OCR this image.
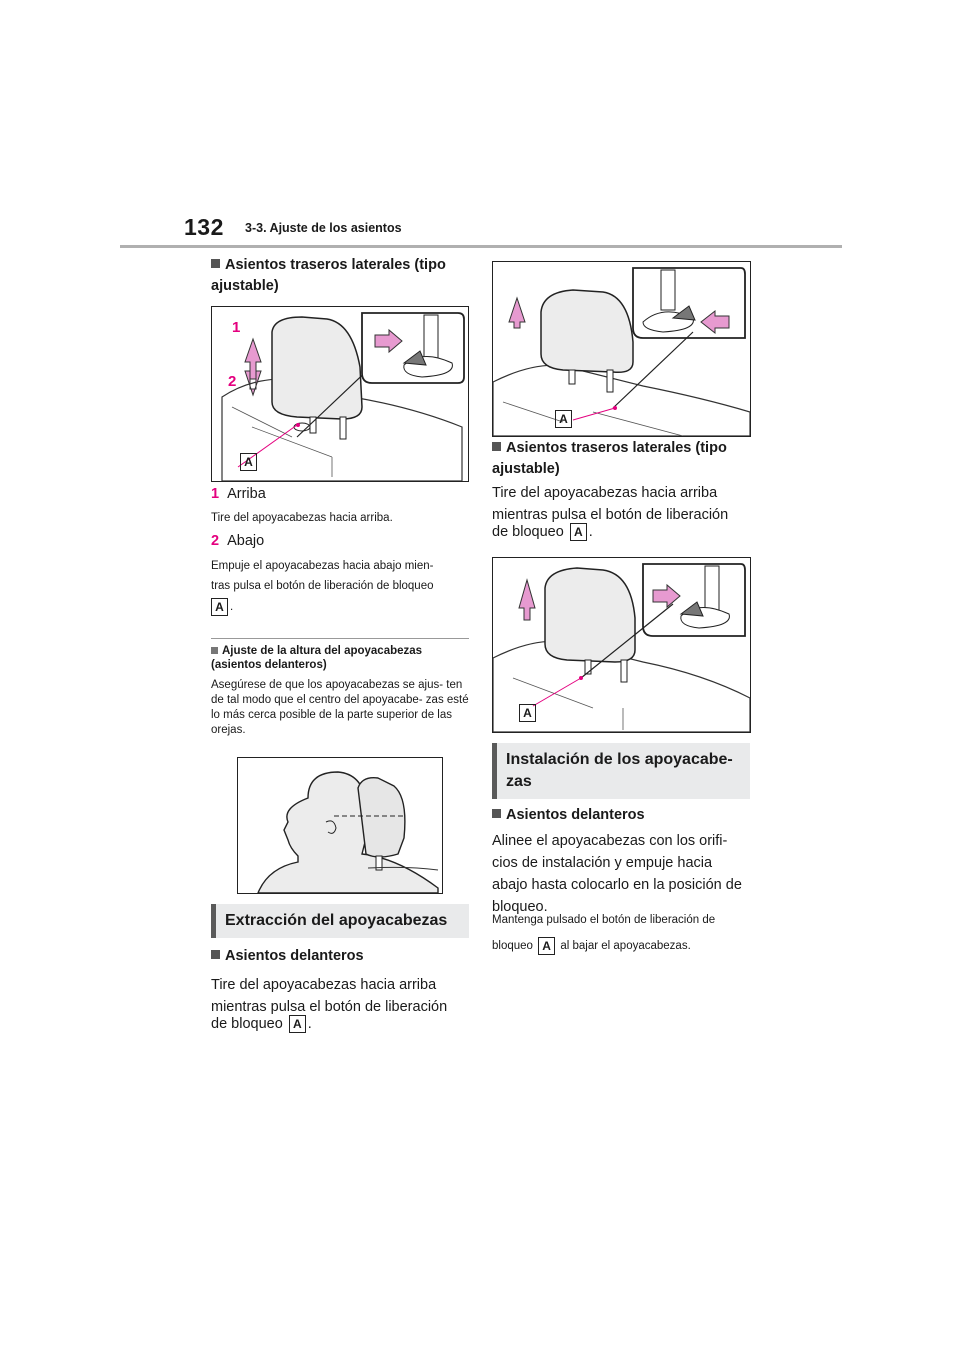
132 3-3. Ajuste de los asientos
Asientos traseros laterales (tipo ajustable)
1
2
A
1 Arriba
Tire del apoyacabezas hacia arriba.
2 Abajo
Empuje el apoyacabezas hacia abajo mien-
tras pulsa el botón de liberación de bloqueo
A .
Ajuste de la altura del apoyacabezas (asientos delanteros)
Asegúrese de que los apoyacabezas se ajus- ten de tal modo que el centro del apoyacabe- zas esté lo más cerca posible de la parte superior de las orejas.
Extracción del apoyacabezas
Asientos delanteros
Tire del apoyacabezas hacia arriba mientras pulsa el botón de liberación
de bloqueo A .
A
Asientos traseros laterales (tipo ajustable)
Tire del apoyacabezas hacia arriba mientras pulsa el botón de liberación
de bloqueo A .
A
Instalación de los apoyacabe- zas
Asientos delanteros
Alinee el apoyacabezas con los orifi- cios de instalación y empuje hacia abajo hasta colocarlo en la posición de bloqueo.
Mantenga pulsado el botón de liberación de
bloqueo A al bajar el apoyacabezas.
